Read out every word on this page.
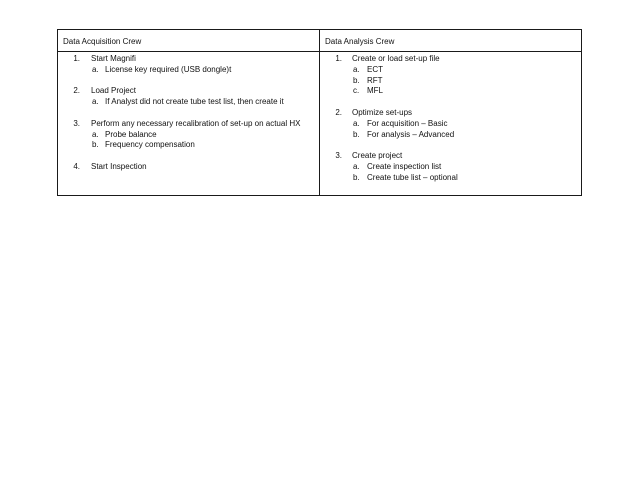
Data Acquisition Crew	Data Analysis Crew
1. Start Magnifi
a. License key required (USB dongle)t
2. Load Project
a. If Analyst did not create tube test list, then create it
3. Perform any necessary recalibration of set-up on actual HX
a. Probe balance
b. Frequency compensation
4. Start Inspection
1. Create or load set-up file
a. ECT
b. RFT
c. MFL
2. Optimize set-ups
a. For acquisition – Basic
b. For analysis – Advanced
3. Create project
a. Create inspection list
b. Create tube list – optional
